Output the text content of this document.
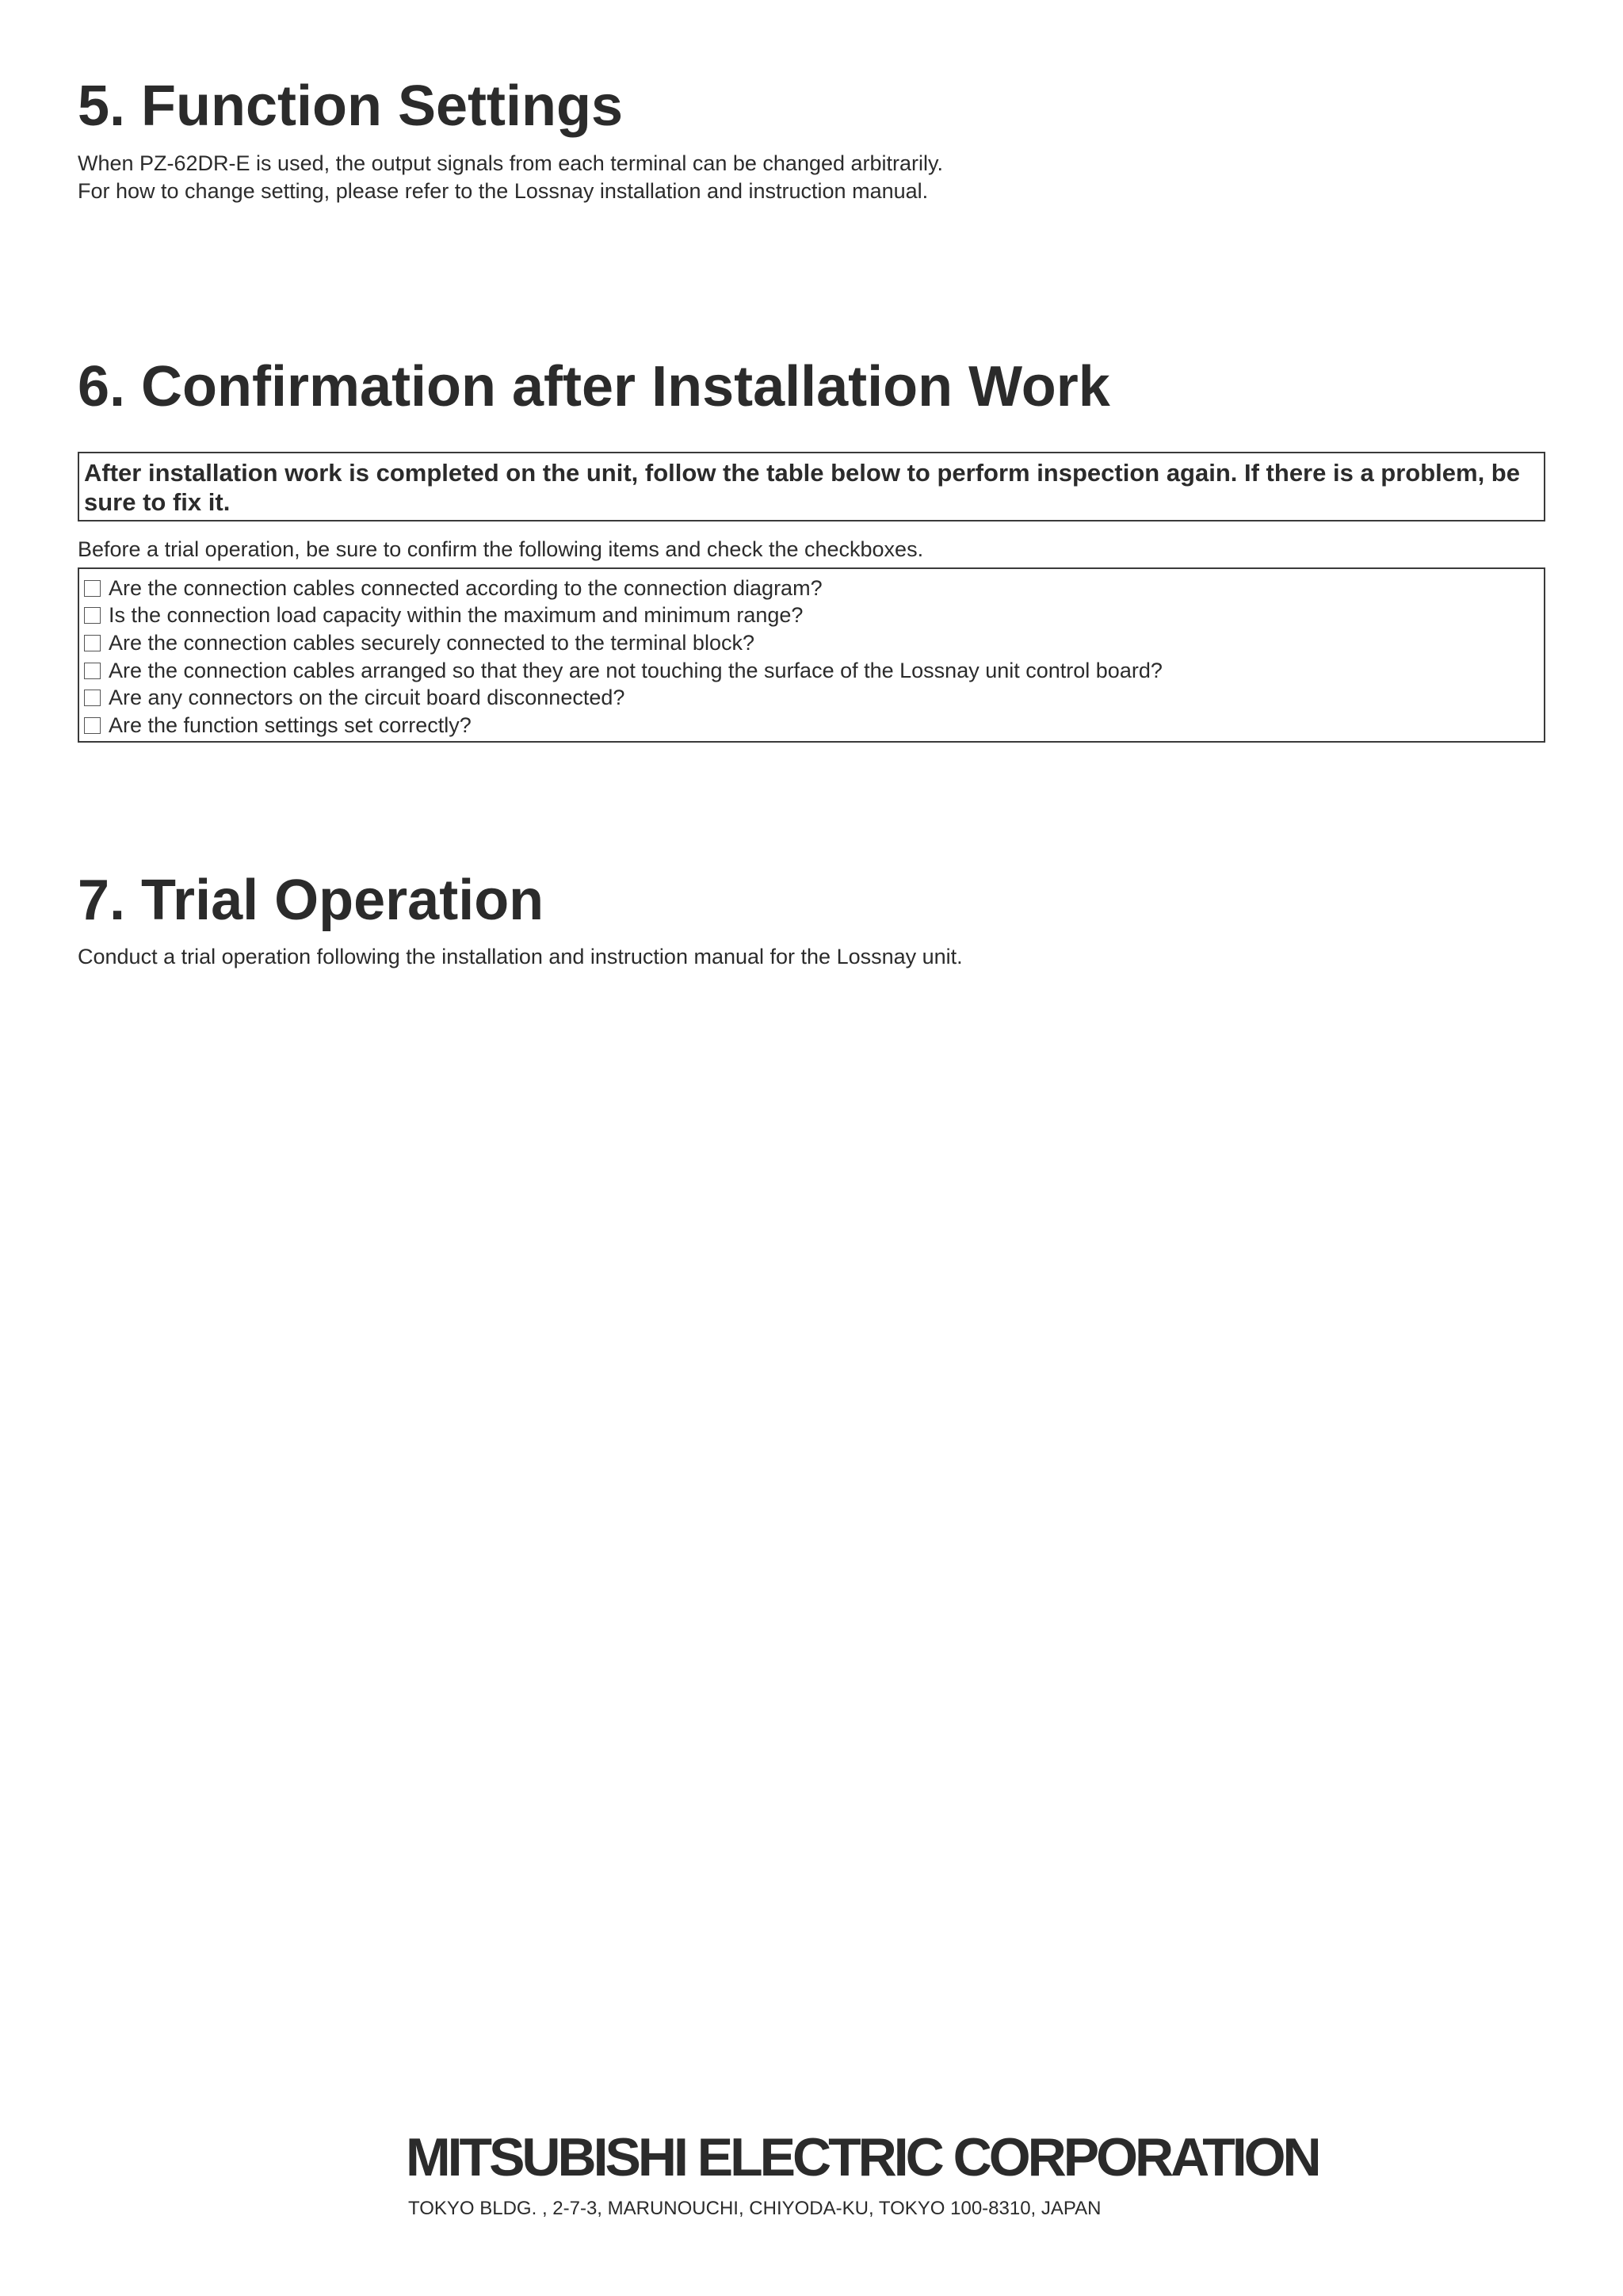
5. Function Settings
When PZ-62DR-E is used, the output signals from each terminal can be changed arbitrarily.
For how to change setting, please refer to the Lossnay installation and instruction manual.
6. Confirmation after Installation Work
After installation work is completed on the unit, follow the table below to perform inspection again. If there is a problem, be
sure to fix it.
Before a trial operation, be sure to confirm the following items and check the checkboxes.
Are the connection cables connected according to the connection diagram?
Is the connection load capacity within the maximum and minimum range?
Are the connection cables securely connected to the terminal block?
Are the connection cables arranged so that they are not touching the surface of the Lossnay unit control board?
Are any connectors on the circuit board disconnected?
Are the function settings set correctly?
7. Trial Operation
Conduct a trial operation following the installation and instruction manual for the Lossnay unit.
MITSUBISHI ELECTRIC CORPORATION
TOKYO BLDG. , 2-7-3, MARUNOUCHI, CHIYODA-KU, TOKYO 100-8310, JAPAN
